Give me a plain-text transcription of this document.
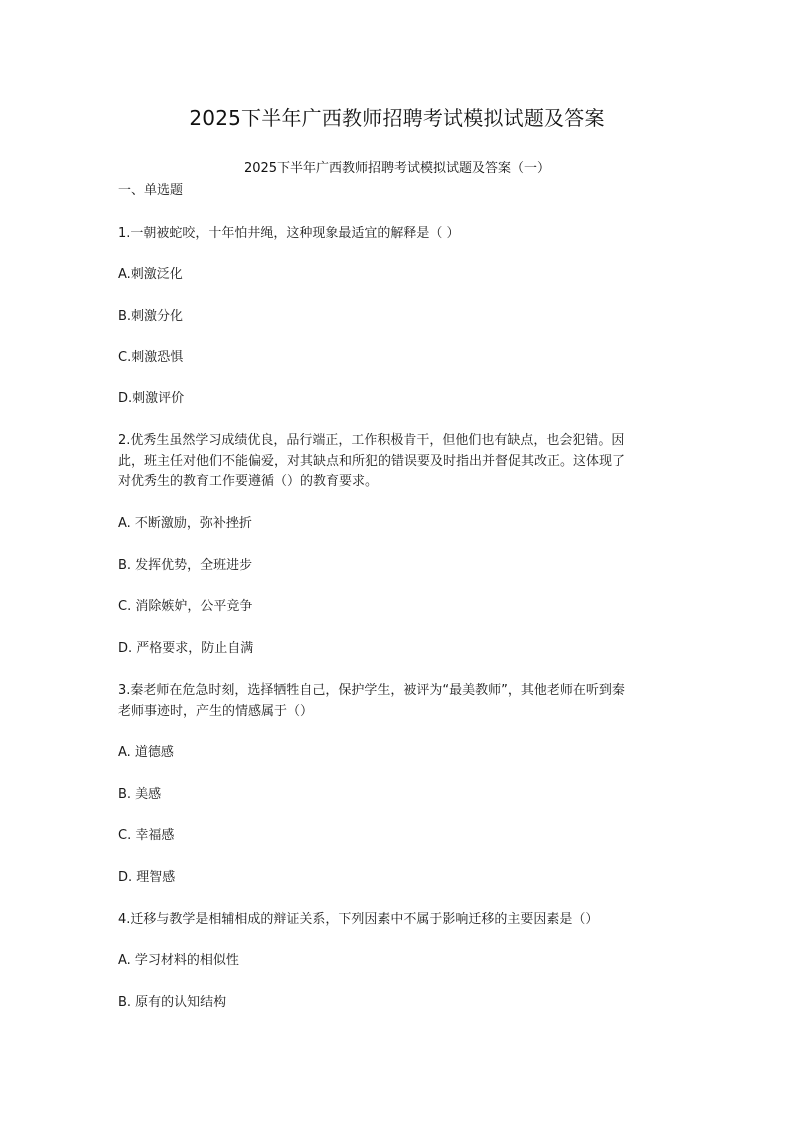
2025下半年广西教师招聘考试模拟试题及答案
2025下半年广西教师招聘考试模拟试题及答案（一）
一、单选题
1.一朝被蛇咬，十年怕井绳，这种现象最适宜的解释是（ ）
A.刺激泛化
B.刺激分化
C.刺激恐惧
D.刺激评价
2.优秀生虽然学习成绩优良，品行端正，工作积极肯干，但他们也有缺点，也会犯错。因
此，班主任对他们不能偏爱，对其缺点和所犯的错误要及时指出并督促其改正。这体现了
对优秀生的教育工作要遵循（）的教育要求。
A. 不断激励，弥补挫折
B. 发挥优势，全班进步
C. 消除嫉妒，公平竞争
D. 严格要求，防止自满
3.秦老师在危急时刻，选择牺牲自己，保护学生，被评为“最美教师”，其他老师在听到秦
老师事迹时，产生的情感属于（）
A. 道德感
B. 美感
C. 幸福感
D. 理智感
4.迁移与教学是相辅相成的辩证关系，下列因素中不属于影响迁移的主要因素是（）
A. 学习材料的相似性
B. 原有的认知结构
